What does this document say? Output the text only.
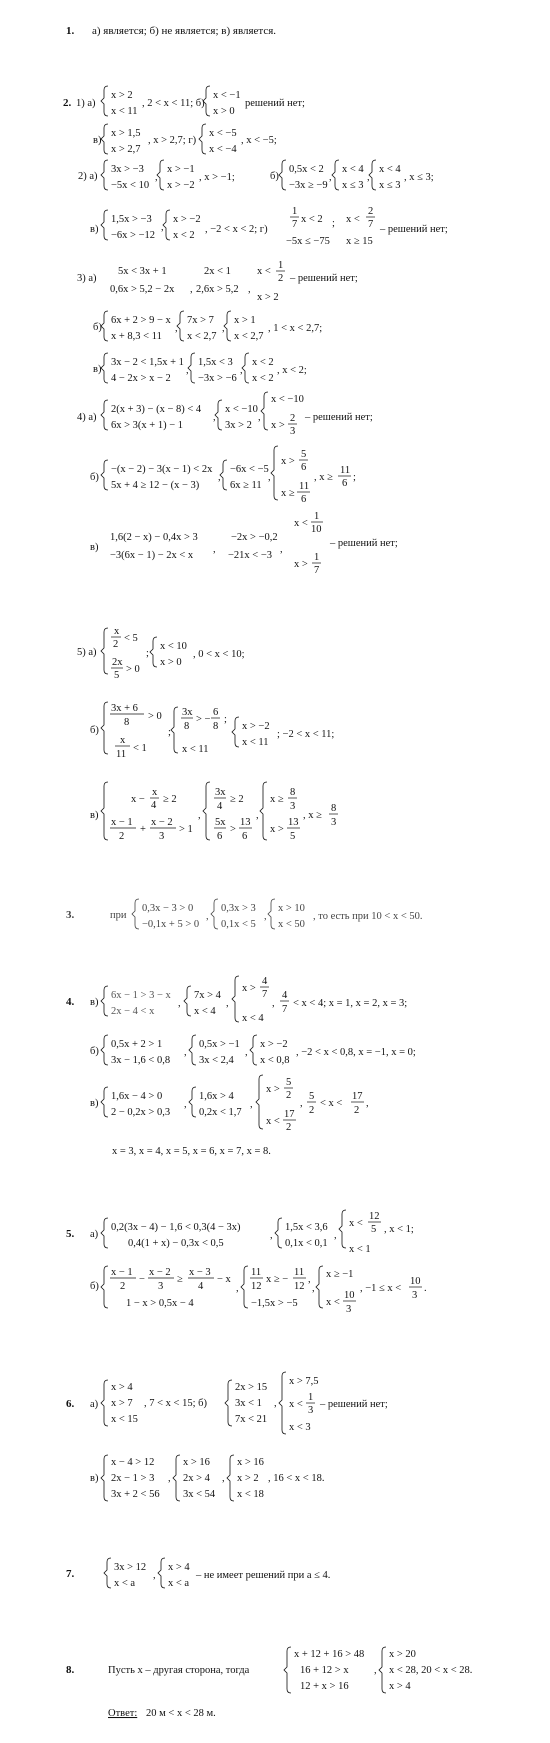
1. а) является; б) не является; в) является.
2. 1) а)
x > 2
x < 11
, 2 < x < 11; б)
x < −1
x > 0
решений нет;
в)
x > 1,5
x > 2,7
, x > 2,7; г)
x < −5
x < −4
, x < −5;
2) а)
3x > −3
−5x < 10
,
x > −1
x > −2
, x > −1;	б)
0,5x < 2
−3x ≥ −9
,
x < 4
x ≤ 3
,
x < 4
x ≤ 3
, x ≤ 3;
в)
1,5x > −3
−6x > −12
,
x > −2
x < 2
, −2 < x < 2; г)
1
7 x < 2
−5x ≤ −75
; x <
2
7
x ≥ 15
– решений нет;
3) а)
5x < 3x + 1
0,6x > 5,2 − 2x ,
2x < 1
2,6x > 5,2 ,
x <
1
2 – решений нет;
x > 2
б)
6x + 2 > 9 − x
x + 8,3 < 11
,
7x > 7
x < 2,7
,
x > 1
x < 2,7
, 1 < x < 2,7;
в)
3x − 2 < 1,5x + 1
4 − 2x > x − 2
,
1,5x < 3
−3x > −6
,
x < 2
x < 2
, x < 2;
4) а)
2(x + 3) − (x − 8) < 4
6x > 3(x + 1) − 1
,
x < −10
3x > 2
,
x < −10
x >
2
3
– решений нет;
б)
−(x − 2) − 3(x − 1) < 2x
5x + 4 ≥ 12 − (x − 3)
,
−6x < −5
6x ≥ 11
,
x >
5
6
x ≥
11
6
, x ≥
11
6
;
в)
1,6(2 − x) − 0,4x > 3
−3(6x − 1) − 2x < x
,
−2x > −0,2
−21x < −3
,
x <
1
10
– решений нет;
x >
1
7
5) а)
x
2
< 5
2x
5
> 0
;
x < 10
x > 0
, 0 < x < 10;
б)
3x + 6
8
> 0
x
11
< 1
;
3x
8
> −
6
8
;
x < 11
x > −2
x < 11
; −2 < x < 11;
в)
x −
x
4
≥ 2
x − 1
2
+
x − 2
3
> 1
,
3x
4
≥ 2
5x
6
>
13
6
,
x ≥
8
3
x >
13
5
, x ≥
8
3
3.	при
0,3x − 3 > 0
−0,1x + 5 > 0
,
0,3x > 3
0,1x < 5
,
x > 10
x < 50
, то есть при 10 < x < 50.
4. в)
6x − 1 > 3 − x
2x − 4 < x
,
7x > 4
x < 4
,
x >
4
7
x < 4
,
4
7
< x < 4; x = 1, x = 2, x = 3;
б)
0,5x + 2 > 1
3x − 1,6 < 0,8
,
0,5x > −1
3x < 2,4
,
x > −2
x < 0,8
, −2 < x < 0,8, x = −1, x = 0;
в)
1,6x − 4 > 0
2 − 0,2x > 0,3
,
1,6x > 4
0,2x < 1,7
,
x >
5
2
x <
17
2
,
5
2
< x <
17
2
,
x = 3, x = 4, x = 5, x = 6, x = 7, x = 8.
5. а)
0,2(3x − 4) − 1,6 < 0,3(4 − 3x)
0,4(1 + x) − 0,3x < 0,5
,
1,5x < 3,6
0,1x < 0,1
,
x <
12
5 , x < 1;
x < 1
б)
x − 1
2
−
x − 2
3
≥
x − 3
4
− x
1 − x > 0,5x − 4
,
11
12
x ≥ −
11
12
,
−1,5x > −5
,
x ≥ −1
x <
10
3
, −1 ≤ x <
10
3
.
6. а)
x > 4
x > 7
x < 15
, 7 < x < 15; б)
2x > 15
3x < 1
7x < 21
,
x > 7,5
x <
1
3
– решений нет;
x < 3
в)
x − 4 > 12
2x − 1 > 3
3x + 2 < 56
,
x > 16
2x > 4
3x < 54
,
x > 16
x > 2
x < 18
, 16 < x < 18.
7.
3x > 12
x < a
,
x > 4
x < a
– не имеет решений при a ≤ 4.
8.	Пусть x – другая сторона, тогда
x + 12 + 16 > 48
16 + 12 > x
12 + x > 16
,
x > 20
x < 28, 20 < x < 28.
x > 4
Ответ: 20 м < x < 28 м.
